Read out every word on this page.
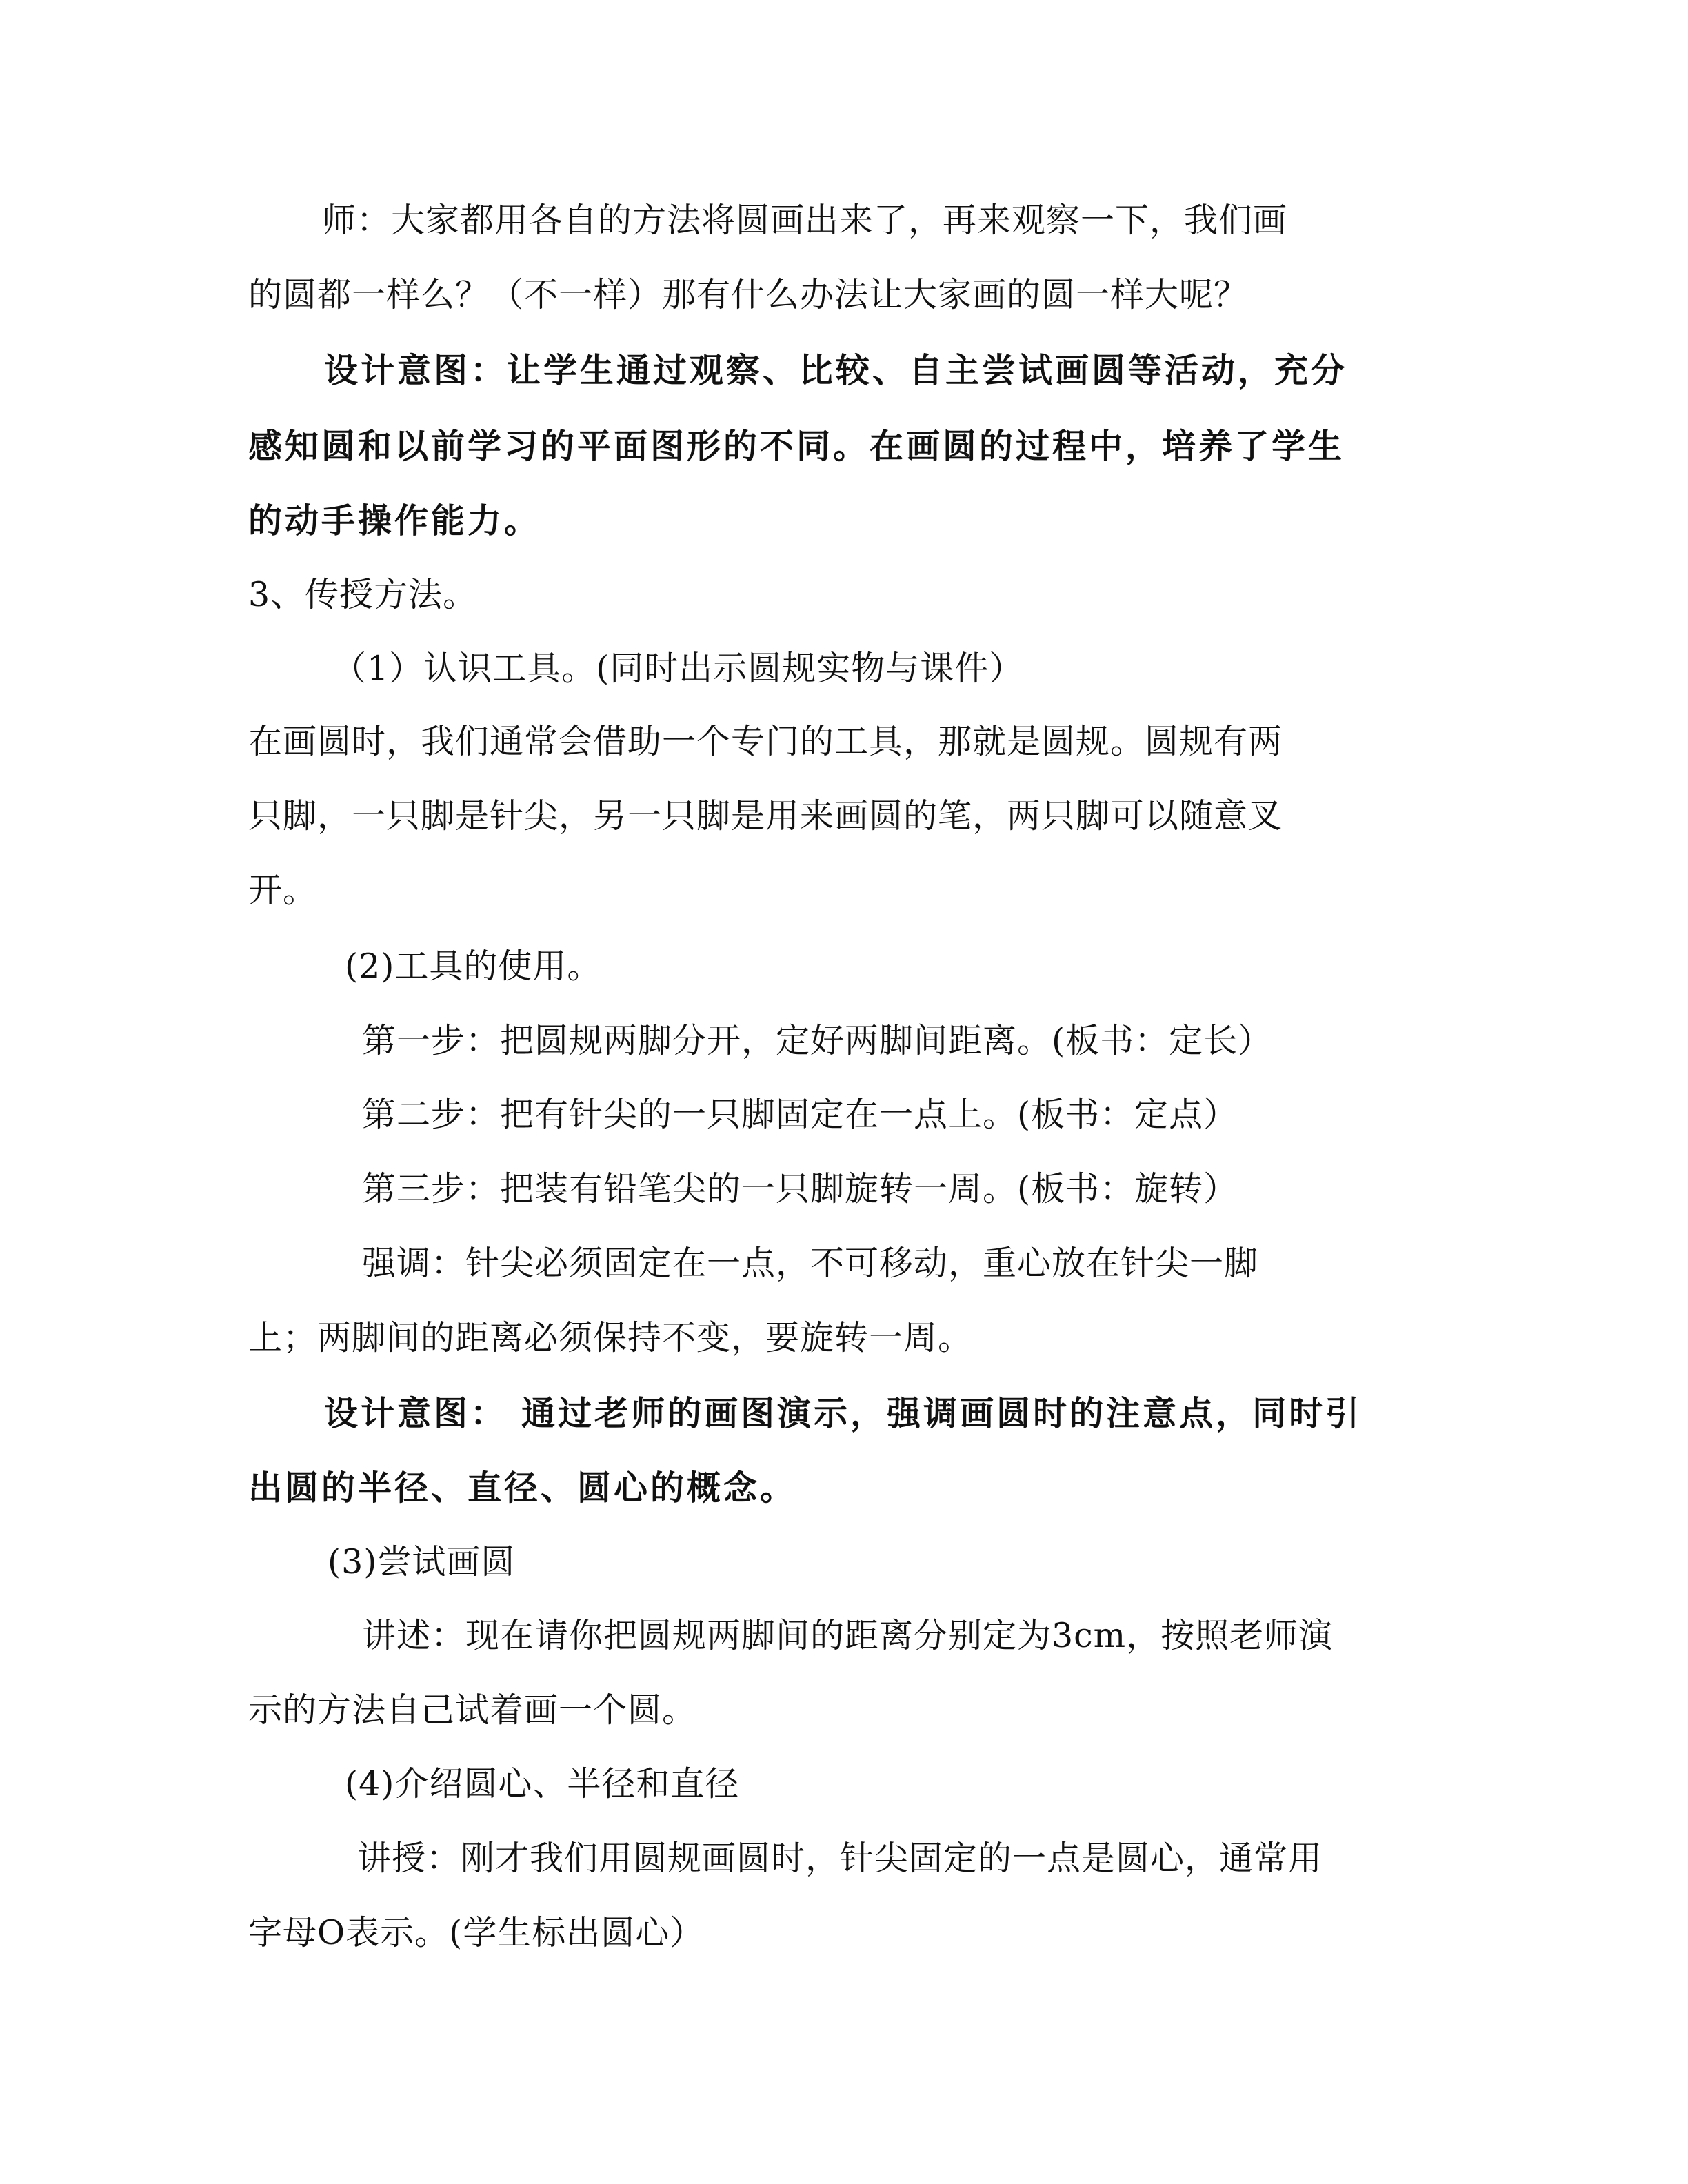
师：大家都用各自的方法将圆画出来了，再来观察一下，我们画
的圆都一样么？（不一样）那有什么办法让大家画的圆一样大呢？
设计意图：让学生通过观察、比较、自主尝试画圆等活动，充分
感知圆和以前学习的平面图形的不同。在画圆的过程中，培养了学生
的动手操作能力。
3、传授方法。
（1）认识工具。(同时出示圆规实物与课件）
在画圆时，我们通常会借助一个专门的工具，那就是圆规。圆规有两
只脚，一只脚是针尖，另一只脚是用来画圆的笔，两只脚可以随意叉
开。
(2)工具的使用。
第一步：把圆规两脚分开，定好两脚间距离。(板书：定长）
第二步：把有针尖的一只脚固定在一点上。(板书：定点）
第三步：把装有铅笔尖的一只脚旋转一周。(板书：旋转）
强调：针尖必须固定在一点，不可移动，重心放在针尖一脚
上；两脚间的距离必须保持不变，要旋转一周。
设计意图： 通过老师的画图演示，强调画圆时的注意点，同时引
出圆的半径、直径、圆心的概念。
(3)尝试画圆
讲述：现在请你把圆规两脚间的距离分别定为3cm，按照老师演
示的方法自己试着画一个圆。
(4)介绍圆心、半径和直径
讲授：刚才我们用圆规画圆时，针尖固定的一点是圆心，通常用
字母O表示。(学生标出圆心）
